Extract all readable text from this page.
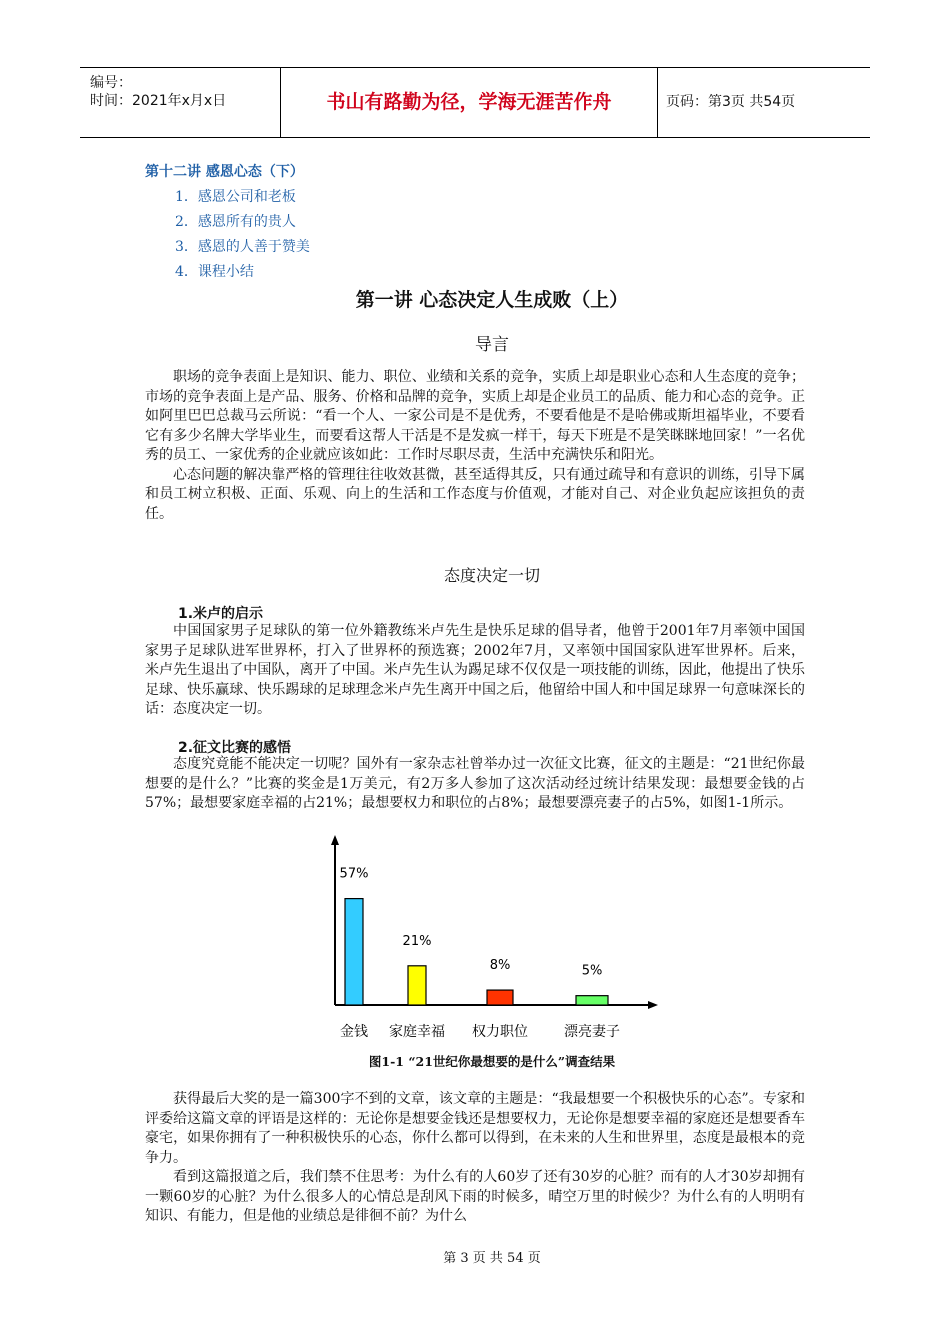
编号：
时间：2021年x月x日	书山有路勤为径，学海无涯苦作舟	页码：第3页 共54页
第十二讲 感恩心态（下）
1．感恩公司和老板
2．感恩所有的贵人
3．感恩的人善于赞美
4．课程小结
第一讲 心态决定人生成败（上）
导言

职场的竞争表面上是知识、能力、职位、业绩和关系的竞争，实质上却是职业心态和人生态度的竞争；市场的竞争表面上是产品、服务、价格和品牌的竞争，实质上却是企业员工的品质、能力和心态的竞争。正如阿里巴巴总裁马云所说：“看一个人、一家公司是不是优秀，不要看他是不是哈佛或斯坦福毕业，不要看它有多少名牌大学毕业生，而要看这帮人干活是不是发疯一样干，每天下班是不是笑眯眯地回家！”一名优秀的员工、一家优秀的企业就应该如此：工作时尽职尽责，生活中充满快乐和阳光。

心态问题的解决靠严格的管理往往收效甚微，甚至适得其反，只有通过疏导和有意识的训练，引导下属和员工树立积极、正面、乐观、向上的生活和工作态度与价值观，才能对自己、对企业负起应该担负的责任。

态度决定一切
1.米卢的启示

中国国家男子足球队的第一位外籍教练米卢先生是快乐足球的倡导者，他曾于2001年7月率领中国国家男子足球队进军世界杯，打入了世界杯的预选赛；2002年7月，又率领中国国家队进军世界杯。后来，米卢先生退出了中国队，离开了中国。米卢先生认为踢足球不仅仅是一项技能的训练，因此，他提出了快乐足球、快乐赢球、快乐踢球的足球理念米卢先生离开中国之后，他留给中国人和中国足球界一句意味深长的话：态度决定一切。

2.征文比赛的感悟

态度究竟能不能决定一切呢？国外有一家杂志社曾举办过一次征文比赛，征文的主题是：“21世纪你最想要的是什么？”比赛的奖金是1万美元，有2万多人参加了这次活动经过统计结果发现：最想要金钱的占57%；最想要家庭幸福的占21%；最想要权力和职位的占8%；最想要漂亮妻子的占5%，如图1-1所示。

57%
金钱
21%
家庭幸福
8%
权力职位
5%
漂亮妻子
图1-1 “21世纪你最想要的是什么”调查结果

获得最后大奖的是一篇300字不到的文章，该文章的主题是：“我最想要一个积极快乐的心态”。专家和评委给这篇文章的评语是这样的：无论你是想要金钱还是想要权力，无论你是想要幸福的家庭还是想要香车豪宅，如果你拥有了一种积极快乐的心态，你什么都可以得到，在未来的人生和世界里，态度是最根本的竞争力。

看到这篇报道之后，我们禁不住思考：为什么有的人60岁了还有30岁的心脏？而有的人才30岁却拥有一颗60岁的心脏？为什么很多人的心情总是刮风下雨的时候多，晴空万里的时候少？为什么有的人明明有知识、有能力，但是他的业绩总是徘徊不前？为什么

第 3 页 共 54 页
